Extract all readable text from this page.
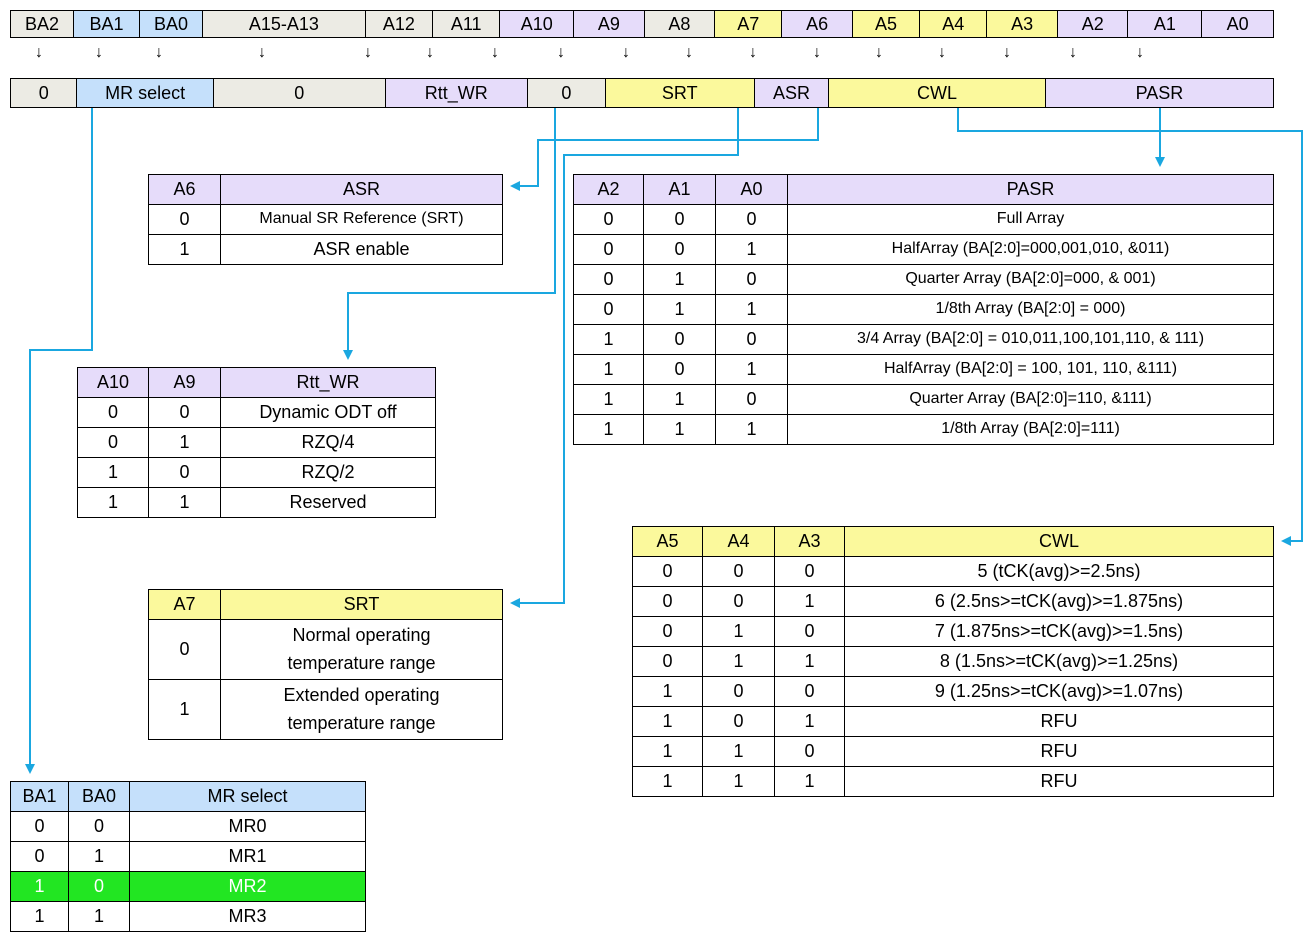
BA2	BA1	BA0	A15-A13	A12	A11	A10	A9	A8	A7	A6	A5	A4	A3	A2	A1	A0
↓	↓	↓	↓	↓	↓	↓	↓	↓	↓	↓	↓	↓	↓	↓	↓	↓
0	MR select	0	Rtt_WR	0	SRT	ASR	CWL	PASR
A6	ASR
0	Manual SR Reference (SRT)
1	ASR enable
A2	A1	A0	PASR
0	0	0	Full Array
0	0	1	HalfArray (BA[2:0]=000,001,010, &011)
0	1	0	Quarter Array (BA[2:0]=000, & 001)
0	1	1	1/8th Array (BA[2:0] = 000)
1	0	0	3/4 Array (BA[2:0] = 010,011,100,101,110, & 111)
1	0	1	HalfArray (BA[2:0] = 100, 101, 110, &111)
1	1	0	Quarter Array (BA[2:0]=110, &111)
1	1	1	1/8th Array (BA[2:0]=111)
A10	A9	Rtt_WR
0	0	Dynamic ODT off
0	1	RZQ/4
1	0	RZQ/2
1	1	Reserved
A5	A4	A3	CWL
0	0	0	5 (tCK(avg)>=2.5ns)
0	0	1	6 (2.5ns>=tCK(avg)>=1.875ns)
0	1	0	7 (1.875ns>=tCK(avg)>=1.5ns)
0	1	1	8 (1.5ns>=tCK(avg)>=1.25ns)
1	0	0	9 (1.25ns>=tCK(avg)>=1.07ns)
1	0	1	RFU
1	1	0	RFU
1	1	1	RFU
A7	SRT
0	Normal operating temperature range
1	Extended operating temperature range
BA1	BA0	MR select
0	0	MR0
0	1	MR1
1	0	MR2
1	1	MR3
